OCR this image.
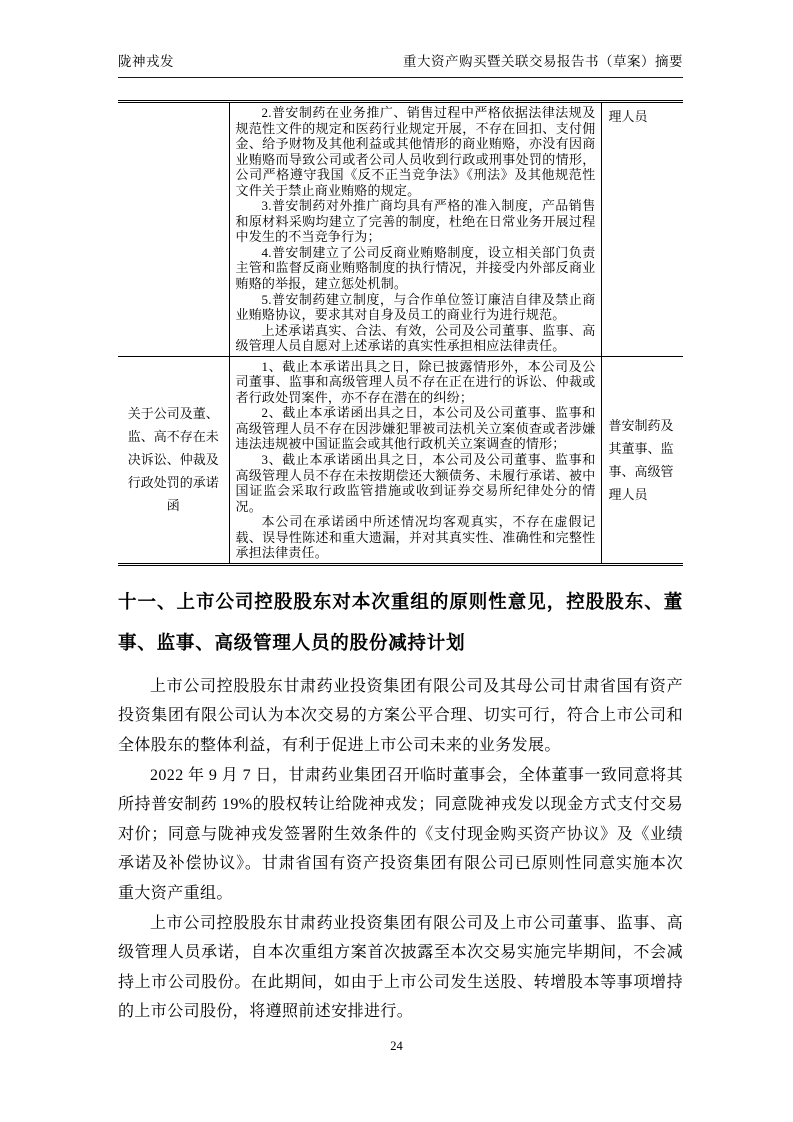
陇神戎发	重大资产购买暨关联交易报告书（草案）摘要

	2.普安制药在业务推广、销售过程中严格依据法律法规及规范性文件的规定和医药行业规定开展，不存在回扣、支付佣金、给予财物及其他利益或其他情形的商业贿赂，亦没有因商业贿赂而导致公司或者公司人员收到行政或刑事处罚的情形，公司严格遵守我国《反不正当竞争法》《刑法》及其他规范性文件关于禁止商业贿赂的规定。

3.普安制药对外推广商均具有严格的准入制度，产品销售和原材料采购均建立了完善的制度，杜绝在日常业务开展过程中发生的不当竞争行为；

4.普安制建立了公司反商业贿赂制度，设立相关部门负责主管和监督反商业贿赂制度的执行情况，并接受内外部反商业贿赂的举报，建立惩处机制。

5.普安制药建立制度，与合作单位签订廉洁自律及禁止商业贿赂协议，要求其对自身及员工的商业行为进行规范。

上述承诺真实、合法、有效，公司及公司董事、监事、高级管理人员自愿对上述承诺的真实性承担相应法律责任。	理人员
关于公司及董、监、高不存在未决诉讼、仲裁及行政处罚的承诺函	1、截止本承诺出具之日，除已披露情形外，本公司及公司董事、监事和高级管理人员不存在正在进行的诉讼、仲裁或者行政处罚案件，亦不存在潜在的纠纷；

2、截止本承诺函出具之日，本公司及公司董事、监事和高级管理人员不存在因涉嫌犯罪被司法机关立案侦查或者涉嫌违法违规被中国证监会或其他行政机关立案调查的情形；

3、截止本承诺函出具之日，本公司及公司董事、监事和高级管理人员不存在未按期偿还大额债务、未履行承诺、被中国证监会采取行政监管措施或收到证券交易所纪律处分的情况。

本公司在承诺函中所述情况均客观真实，不存在虚假记载、误导性陈述和重大遗漏，并对其真实性、准确性和完整性承担法律责任。	普安制药及其董事、监事、高级管理人员
十一、上市公司控股股东对本次重组的原则性意见，控股股东、董事、监事、高级管理人员的股份减持计划

上市公司控股股东甘肃药业投资集团有限公司及其母公司甘肃省国有资产投资集团有限公司认为本次交易的方案公平合理、切实可行，符合上市公司和全体股东的整体利益，有利于促进上市公司未来的业务发展。

2022 年 9 月 7 日，甘肃药业集团召开临时董事会，全体董事一致同意将其所持普安制药 19%的股权转让给陇神戎发；同意陇神戎发以现金方式支付交易对价；同意与陇神戎发签署附生效条件的《支付现金购买资产协议》及《业绩承诺及补偿协议》。甘肃省国有资产投资集团有限公司已原则性同意实施本次重大资产重组。

上市公司控股股东甘肃药业投资集团有限公司及上市公司董事、监事、高级管理人员承诺，自本次重组方案首次披露至本次交易实施完毕期间，不会减持上市公司股份。在此期间，如由于上市公司发生送股、转增股本等事项增持的上市公司股份，将遵照前述安排进行。

24
